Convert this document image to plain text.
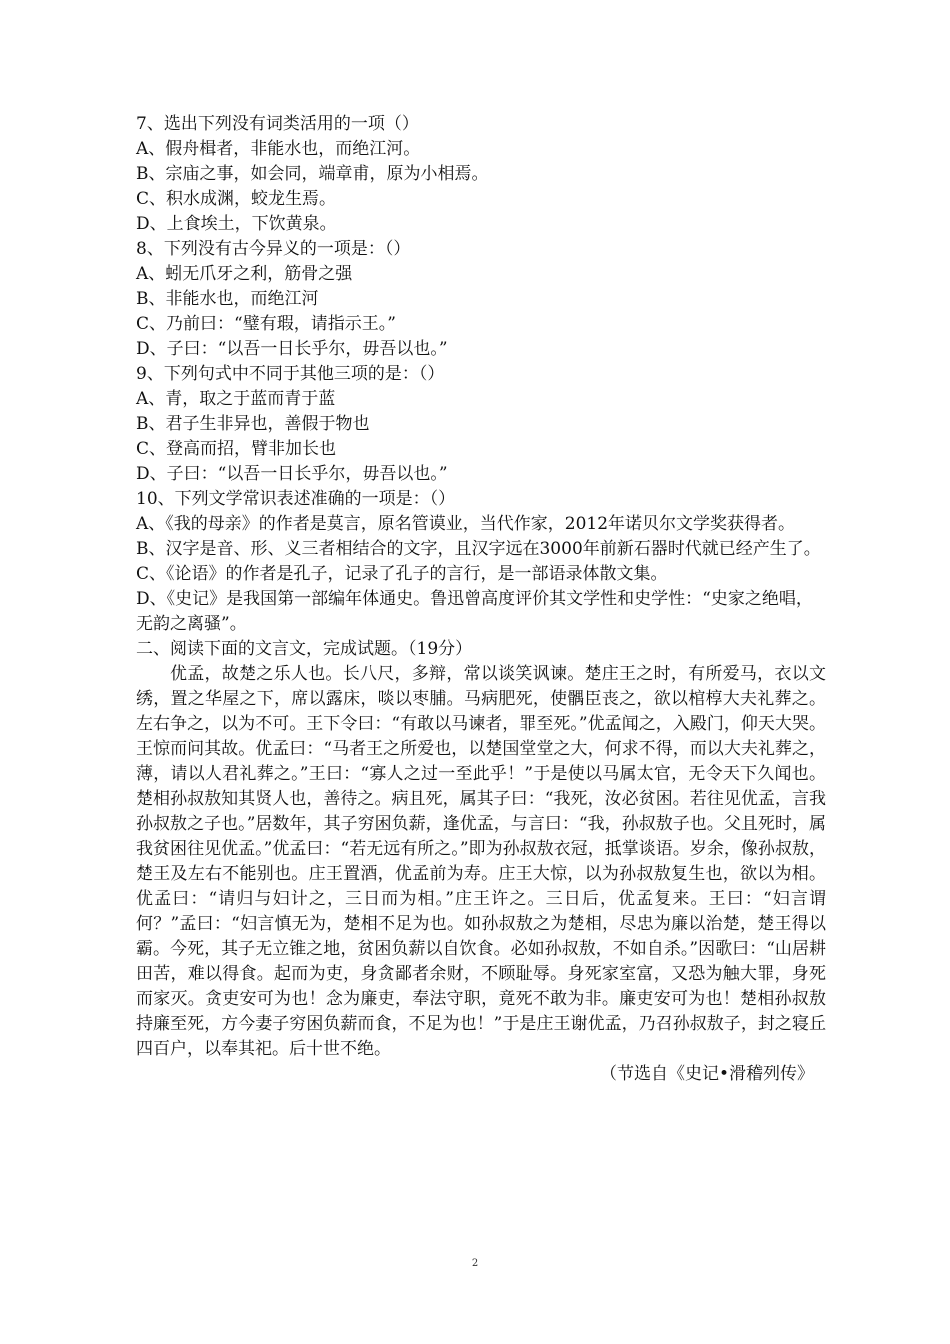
7、选出下列没有词类活用的一项（）

A、假舟楫者，非能水也，而绝江河。

B、宗庙之事，如会同，端章甫，原为小相焉。

C、积水成渊，蛟龙生焉。

D、上食埃土，下饮黄泉。

8、下列没有古今异义的一项是：（）

A、蚓无爪牙之利，筋骨之强

B、非能水也，而绝江河

C、乃前曰：“璧有瑕，请指示王。”

D、子曰：“以吾一日长乎尔，毋吾以也。”

9、下列句式中不同于其他三项的是：（）

A、青，取之于蓝而青于蓝

B、君子生非异也，善假于物也

C、登高而招，臂非加长也

D、子曰：“以吾一日长乎尔，毋吾以也。”

10、下列文学常识表述准确的一项是：（）

A、《我的母亲》的作者是莫言，原名管谟业，当代作家，2012年诺贝尔文学奖获得者。

B、汉字是音、形、义三者相结合的文字，且汉字远在3000年前新石器时代就已经产生了。

C、《论语》的作者是孔子，记录了孔子的言行，是一部语录体散文集。

D、《史记》是我国第一部编年体通史。鲁迅曾高度评价其文学性和史学性：“史家之绝唱，无韵之离骚”。

二、阅读下面的文言文，完成试题。（19分）

优孟，故楚之乐人也。长八尺，多辩，常以谈笑讽谏。楚庄王之时，有所爱马，衣以文绣，置之华屋之下，席以露床，啖以枣脯。马病肥死，使髃臣丧之，欲以棺椁大夫礼葬之。左右争之，以为不可。王下令曰：“有敢以马谏者，罪至死。”优孟闻之，入殿门，仰天大哭。王惊而问其故。优孟曰：“马者王之所爱也，以楚国堂堂之大，何求不得，而以大夫礼葬之，薄，请以人君礼葬之。”王曰：“寡人之过一至此乎！”于是使以马属太官，无令天下久闻也。楚相孙叔敖知其贤人也，善待之。病且死，属其子曰：“我死，汝必贫困。若往见优孟，言我孙叔敖之子也。”居数年，其子穷困负薪，逢优孟，与言曰：“我，孙叔敖子也。父且死时，属我贫困往见优孟。”优孟曰：“若无远有所之。”即为孙叔敖衣冠，抵掌谈语。岁余，像孙叔敖，楚王及左右不能别也。庄王置酒，优孟前为寿。庄王大惊，以为孙叔敖复生也，欲以为相。优孟曰：“请归与妇计之，三日而为相。”庄王许之。三日后，优孟复来。王曰：“妇言谓何？”孟曰：“妇言慎无为，楚相不足为也。如孙叔敖之为楚相，尽忠为廉以治楚，楚王得以霸。今死，其子无立锥之地，贫困负薪以自饮食。必如孙叔敖，不如自杀。”因歌曰：“山居耕田苦，难以得食。起而为吏，身贪鄙者余财，不顾耻辱。身死家室富，又恐为触大罪，身死而家灭。贪吏安可为也！念为廉吏，奉法守职，竟死不敢为非。廉吏安可为也！楚相孙叔敖持廉至死，方今妻子穷困负薪而食，不足为也！”于是庄王谢优孟，乃召孙叔敖子，封之寝丘四百户，以奉其祀。后十世不绝。

（节选自《史记•滑稽列传》

2
